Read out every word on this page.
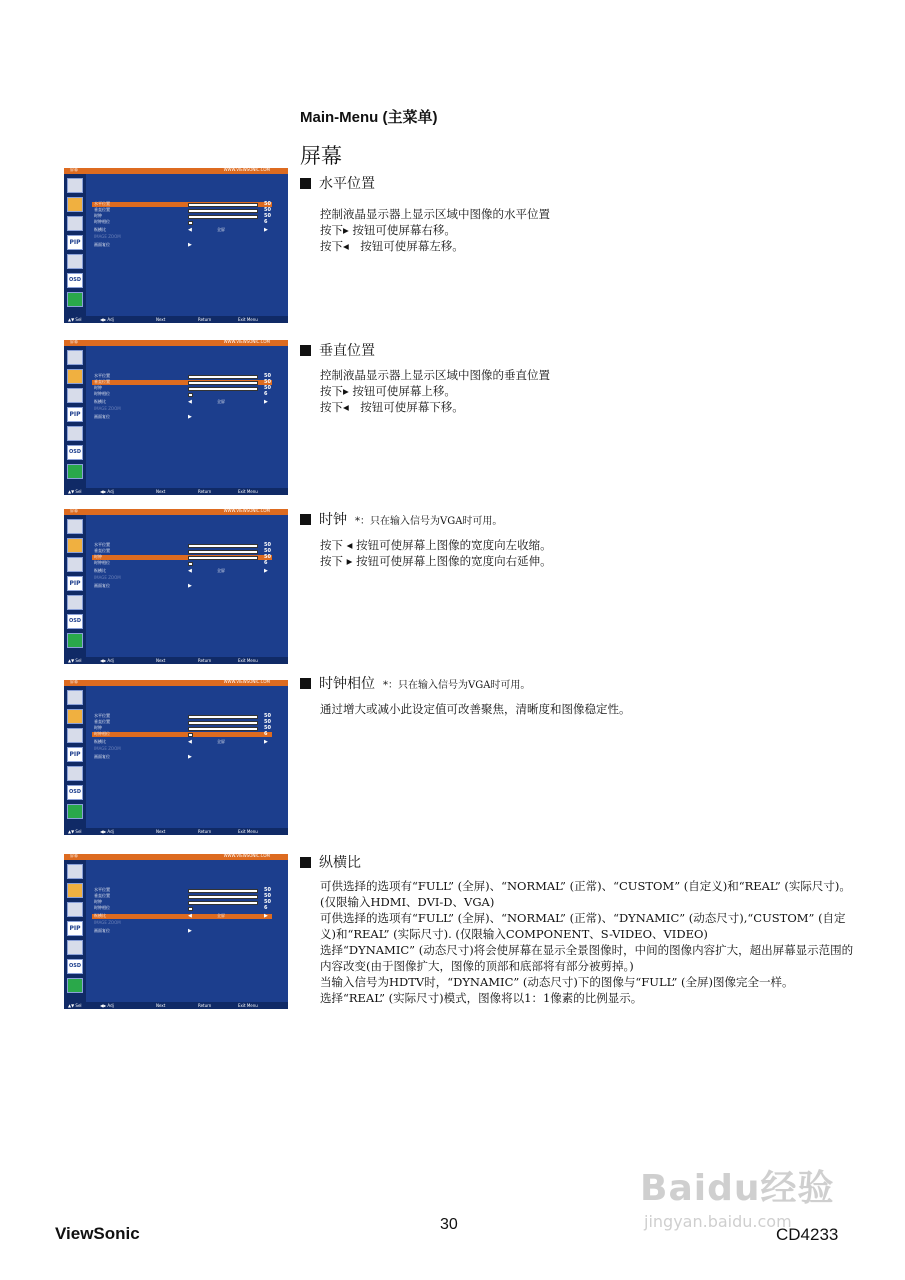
Main-Menu (主菜单)
屏幕
屏幕	WWW.VIEWSONIC.COM
PIP
OSD
水平位置	50
垂直位置	50
时钟	50
时钟相位	6
纵横比	◀	全屏	▶
IMAGE ZOOM
画面复位	▶
▲▼ Sel	◀▶ Adj	Next	Return	Exit Menu
屏幕	WWW.VIEWSONIC.COM
PIP
OSD
水平位置	50
垂直位置	50
时钟	50
时钟相位	6
纵横比	◀	全屏	▶
IMAGE ZOOM
画面复位	▶
▲▼ Sel	◀▶ Adj	Next	Return	Exit Menu
屏幕	WWW.VIEWSONIC.COM
PIP
OSD
水平位置	50
垂直位置	50
时钟	50
时钟相位	6
纵横比	◀	全屏	▶
IMAGE ZOOM
画面复位	▶
▲▼ Sel	◀▶ Adj	Next	Return	Exit Menu
屏幕	WWW.VIEWSONIC.COM
PIP
OSD
水平位置	50
垂直位置	50
时钟	50
时钟相位	6
纵横比	◀	全屏	▶
IMAGE ZOOM
画面复位	▶
▲▼ Sel	◀▶ Adj	Next	Return	Exit Menu
屏幕	WWW.VIEWSONIC.COM
PIP
OSD
水平位置	50
垂直位置	50
时钟	50
时钟相位	6
纵横比	◀	全屏	▶
IMAGE ZOOM
画面复位	▶
▲▼ Sel	◀▶ Adj	Next	Return	Exit Menu
水平位置
控制液晶显示器上显示区域中图像的水平位置
按下▸ 按钮可使屏幕右移。
按下◂　按钮可使屏幕左移。
垂直位置
控制液晶显示器上显示区域中图像的垂直位置
按下▸ 按钮可使屏幕上移。
按下◂　按钮可使屏幕下移。
时钟 *：只在输入信号为VGA时可用。
按下 ◂ 按钮可使屏幕上图像的宽度向左收缩。
按下 ▸ 按钮可使屏幕上图像的宽度向右延伸。
时钟相位 *：只在输入信号为VGA时可用。
通过增大或减小此设定值可改善聚焦，清晰度和图像稳定性。
纵横比
可供选择的选项有“FULL” (全屏)、“NORMAL” (正常)、“CUSTOM” (自定义)和“REAL” (实际尺寸)。(仅限输入HDMI、DVI-D、VGA)
可供选择的选项有“FULL” (全屏)、“NORMAL” (正常)、“DYNAMIC” (动态尺寸),“CUSTOM” (自定义)和“REAL” (实际尺寸). (仅限输入COMPONENT、S-VIDEO、VIDEO)
选择“DYNAMIC” (动态尺寸)将会使屏幕在显示全景图像时，中间的图像内容扩大，超出屏幕显示范围的内容改变(由于图像扩大，图像的顶部和底部将有部分被剪掉。)
当输入信号为HDTV时，“DYNAMIC” (动态尺寸)下的图像与“FULL” (全屏)图像完全一样。
选择“REAL” (实际尺寸)模式，图像将以1：1像素的比例显示。
ViewSonic	30
CD4233
Baidu经验
jingyan.baidu.com
